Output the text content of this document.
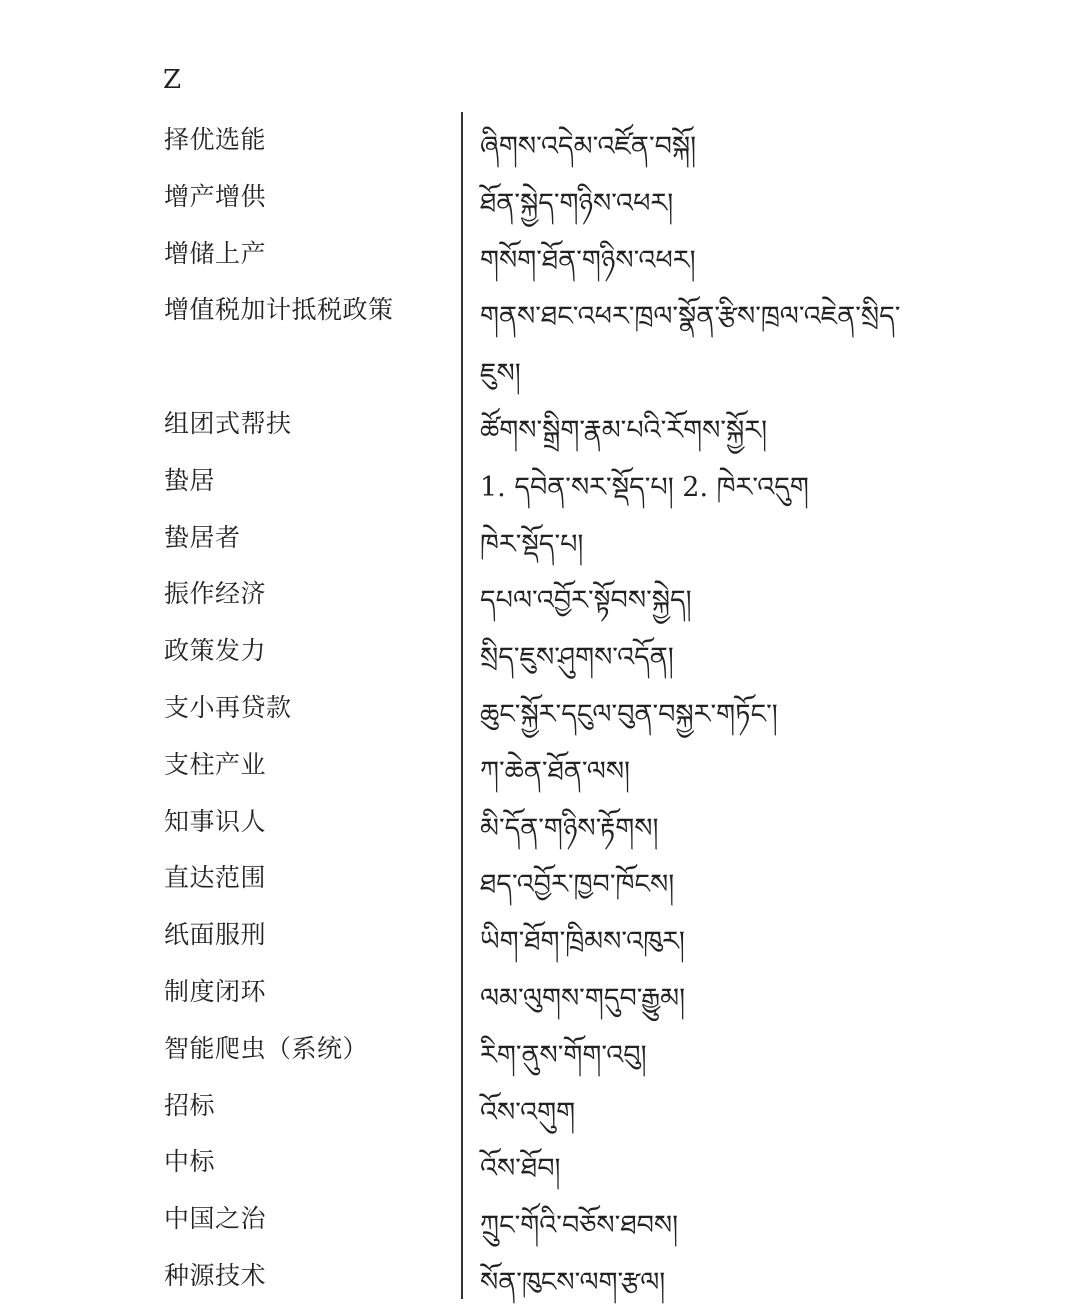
Z
择优选能	ཞིགས་འདེམ་འཛོན་བསྐོ།
增产增供	ཐོན་སྐྱེད་གཉིས་འཕར།
增储上产	གསོག་ཐོན་གཉིས་འཕར།
增值税加计抵税政策	གནས་ཐང་འཕར་ཁྲལ་སྣོན་རྩིས་ཁྲལ་འཇེན་སྲིད་ཇུས།
组团式帮扶	ཚོགས་སྒྲིག་རྣམ་པའི་རོགས་སྐྱོར།
蛰居	1. དབེན་སར་སྡོད་པ། 2. ཁེར་འདུག
蛰居者	ཁེར་སྡོད་པ།
振作经济	དཔལ་འབྱོར་སྟོབས་སྐྱེད།
政策发力	སྲིད་ཇུས་ཤུགས་འདོན།
支小再贷款	ཆུང་སྐྱོར་དངུལ་བུན་བསྐྱར་གཏོང་།
支柱产业	ཀ་ཆེན་ཐོན་ལས།
知事识人	མི་དོན་གཉིས་རྟོགས།
直达范围	ཐད་འབྱོར་ཁྱབ་ཁོངས།
纸面服刑	ཡིག་ཐོག་ཁྲིམས་འཁུར།
制度闭环	ལམ་ལུགས་གདུབ་རྒྱུམ།
智能爬虫（系统）	རིག་ནུས་གོག་འབུ།
招标	འོས་འགུག
中标	འོས་ཐོབ།
中国之治	ཀྲུང་གོའི་བཅོས་ཐབས།
种源技术	སོན་ཁུངས་ལག་རྩལ།
